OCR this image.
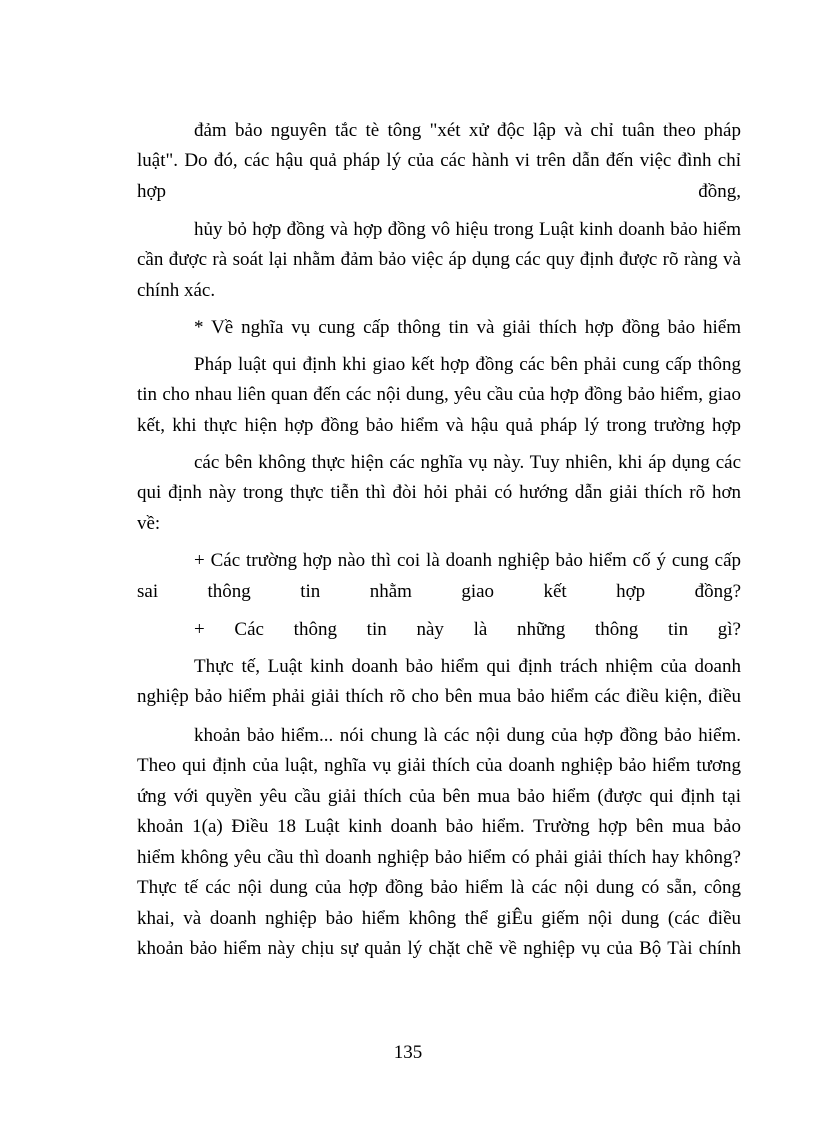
đảm bảo nguyên tắc tè tông "xét xử độc lập và chỉ tuân theo pháp
luật". Do đó, các hậu quả pháp lý của các hành vi trên dẫn đến việc đình chỉ
hợp đồng,
hủy bỏ hợp đồng và hợp đồng vô hiệu trong Luật kinh doanh bảo hiểm
cần được rà soát lại nhằm đảm bảo việc áp dụng các quy định được rõ ràng và
chính xác.
* Về nghĩa vụ cung cấp thông tin và giải thích hợp đồng bảo hiểm
Pháp luật qui định khi giao kết hợp đồng các bên phải cung cấp thông
tin cho nhau liên quan đến các nội dung, yêu cầu của hợp đồng bảo hiểm, giao
kết, khi thực hiện hợp đồng bảo hiểm và hậu quả pháp lý trong trường hợp
các bên không thực hiện các nghĩa vụ này. Tuy nhiên, khi áp dụng các
qui định này trong thực tiễn thì đòi hỏi phải có hướng dẫn giải thích rõ hơn
về:
+ Các trường hợp nào thì coi là doanh nghiệp bảo hiểm cố ý cung cấp
sai thông tin nhằm giao kết hợp đồng?
+ Các thông tin này là những thông tin gì?
Thực tế, Luật kinh doanh bảo hiểm qui định trách nhiệm của doanh
nghiệp bảo hiểm phải giải thích rõ cho bên mua bảo hiểm các điều kiện, điều
khoản bảo hiểm... nói chung là các nội dung của hợp đồng bảo hiểm.
Theo qui định của luật, nghĩa vụ giải thích của doanh nghiệp bảo hiểm tương
ứng với quyền yêu cầu giải thích của bên mua bảo hiểm (được qui định tại
khoản 1(a) Điều 18 Luật kinh doanh bảo hiểm. Trường hợp bên mua bảo
hiểm không yêu cầu thì doanh nghiệp bảo hiểm có phải giải thích hay không?
Thực tế các nội dung của hợp đồng bảo hiểm là các nội dung có sẵn, công
khai, và doanh nghiệp bảo hiểm không thể giÊu giếm nội dung (các điều
khoản bảo hiểm này chịu sự quản lý chặt chẽ về nghiệp vụ của Bộ Tài chính
135
